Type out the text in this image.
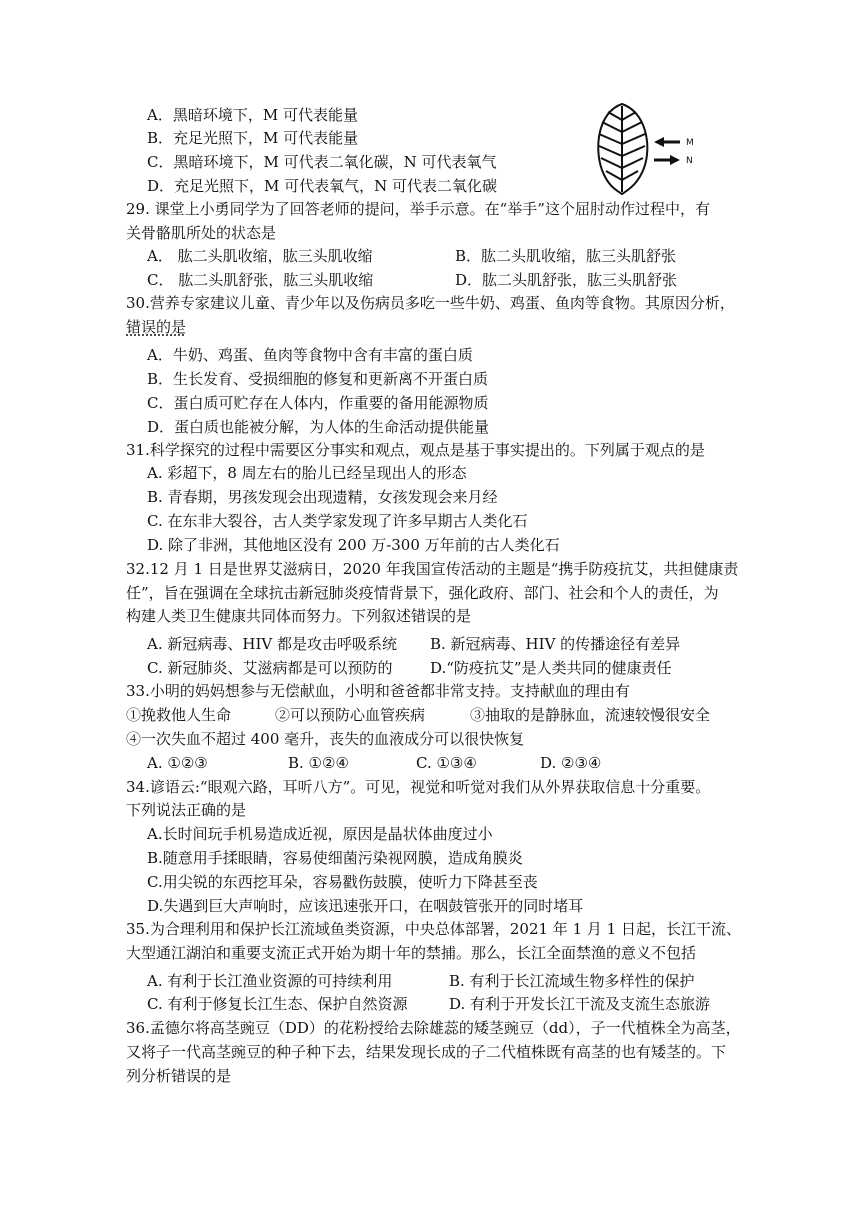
A．黑暗环境下，M 可代表能量
B．充足光照下，M 可代表能量
C．黑暗环境下，M 可代表二氧化碳，N 可代表氧气
D．充足光照下，M 可代表氧气，N 可代表二氧化碳
M
N
29. 课堂上小勇同学为了回答老师的提问，举手示意。在“举手”这个屈肘动作过程中，有
关骨骼肌所处的状态是
A． 肱二头肌收缩，肱三头肌收缩	B．肱二头肌收缩，肱三头肌舒张
C． 肱二头肌舒张，肱三头肌收缩	D．肱二头肌舒张，肱三头肌舒张
30.营养专家建议儿童、青少年以及伤病员多吃一些牛奶、鸡蛋、鱼肉等食物。其原因分析，
错误的是
A．牛奶、鸡蛋、鱼肉等食物中含有丰富的蛋白质
B．生长发育、受损细胞的修复和更新离不开蛋白质
C．蛋白质可贮存在人体内，作重要的备用能源物质
D．蛋白质也能被分解，为人体的生命活动提供能量
31.科学探究的过程中需要区分事实和观点，观点是基于事实提出的。下列属于观点的是
A. 彩超下，8 周左右的胎儿已经呈现出人的形态
B. 青春期，男孩发现会出现遗精，女孩发现会来月经
C. 在东非大裂谷，古人类学家发现了许多早期古人类化石
D. 除了非洲，其他地区没有 200 万-300 万年前的古人类化石
32.12 月 1 日是世界艾滋病日，2020 年我国宣传活动的主题是“携手防疫抗艾，共担健康责
任”，旨在强调在全球抗击新冠肺炎疫情背景下，强化政府、部门、社会和个人的责任，为
构建人类卫生健康共同体而努力。下列叙述错误的是
A. 新冠病毒、HIV 都是攻击呼吸系统 B. 新冠病毒、HIV 的传播途径有差异
C. 新冠肺炎、艾滋病都是可以预防的	D.“防疫抗艾”是人类共同的健康责任
33.小明的妈妈想参与无偿献血，小明和爸爸都非常支持。支持献血的理由有
①挽救他人生命	②可以预防心血管疾病	③抽取的是静脉血，流速较慢很安全
④一次失血不超过 400 毫升，丧失的血液成分可以很快恢复
A. ①②③	B. ①②④	C. ①③④	D. ②③④
34.谚语云:“眼观六路，耳听八方”。可见，视觉和听觉对我们从外界获取信息十分重要。
下列说法正确的是
A.长时间玩手机易造成近视，原因是晶状体曲度过小
B.随意用手揉眼睛，容易使细菌污染视网膜，造成角膜炎
C.用尖锐的东西挖耳朵，容易戳伤鼓膜，使听力下降甚至丧
D.失遇到巨大声响时，应该迅速张开口，在咽鼓管张开的同时堵耳
35.为合理利用和保护长江流域鱼类资源，中央总体部署，2021 年 1 月 1 日起，长江干流、
大型通江湖泊和重要支流正式开始为期十年的禁捕。那么，长江全面禁渔的意义不包括
A. 有利于长江渔业资源的可持续利用	B. 有利于长江流域生物多样性的保护
C. 有利于修复长江生态、保护自然资源	D. 有利于开发长江干流及支流生态旅游
36.孟德尔将高茎豌豆（DD）的花粉授给去除雄蕊的矮茎豌豆（dd），子一代植株全为高茎，
又将子一代高茎豌豆的种子种下去，结果发现长成的子二代植株既有高茎的也有矮茎的。下
列分析错误的是
